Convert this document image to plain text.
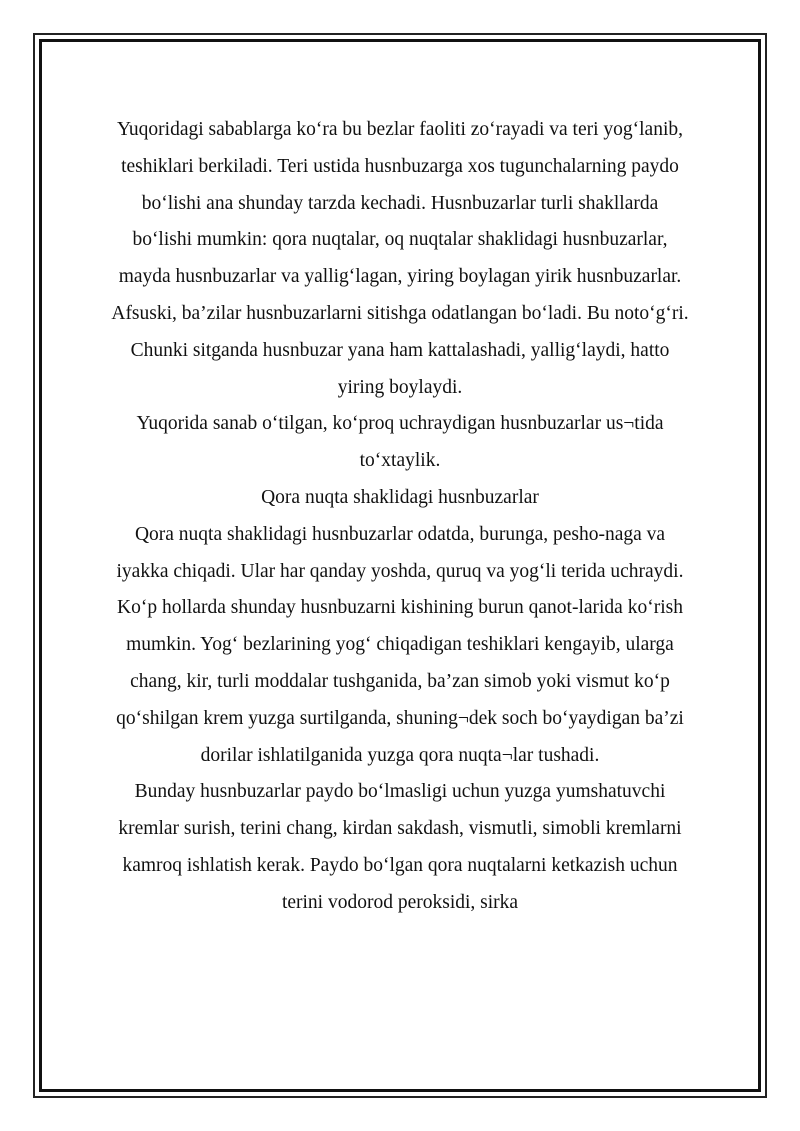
Yuqoridagi sabablarga ko‘ra bu bezlar faoliti zo‘rayadi va teri yog‘lanib, teshiklari berkiladi. Teri ustida husnbuzarga xos tugunchalarning paydo bo‘lishi ana shunday tarzda kechadi. Husnbuzarlar turli shakllarda bo‘lishi mumkin: qora nuqtalar, oq nuqtalar shaklidagi husnbuzarlar, mayda husnbuzarlar va yallig‘lagan, yiring boylagan yirik husnbuzarlar. Afsuski, ba’zilar husnbuzarlarni sitishga odatlangan bo‘ladi. Bu noto‘g‘ri. Chunki sitganda husnbuzar yana ham kattalashadi, yallig‘laydi, hatto yiring boylaydi.

Yuqorida sanab o‘tilgan, ko‘proq uchraydigan husnbuzarlar us¬tida to‘xtaylik.

Qora nuqta shaklidagi husnbuzarlar

Qora nuqta shaklidagi husnbuzarlar odatda, burunga, pesho-naga va iyakka chiqadi. Ular har qanday yoshda, quruq va yog‘li terida uchraydi. Ko‘p hollarda shunday husnbuzarni kishining burun qanot-larida ko‘rish mumkin. Yog‘ bezlarining yog‘ chiqadigan teshiklari kengayib, ularga chang, kir, turli moddalar tushganida, ba’zan simob yoki vismut ko‘p qo‘shilgan krem yuzga surtilganda, shuning¬dek soch bo‘yaydigan ba’zi dorilar ishlatilganida yuzga qora nuqta¬lar tushadi.

Bunday husnbuzarlar paydo bo‘lmasligi uchun yuzga yumshatuvchi kremlar surish, terini chang, kirdan sakdash, vismutli, simobli kremlarni kamroq ishlatish kerak. Paydo bo‘lgan qora nuqtalarni ketkazish uchun terini vodorod peroksidi, sirka
